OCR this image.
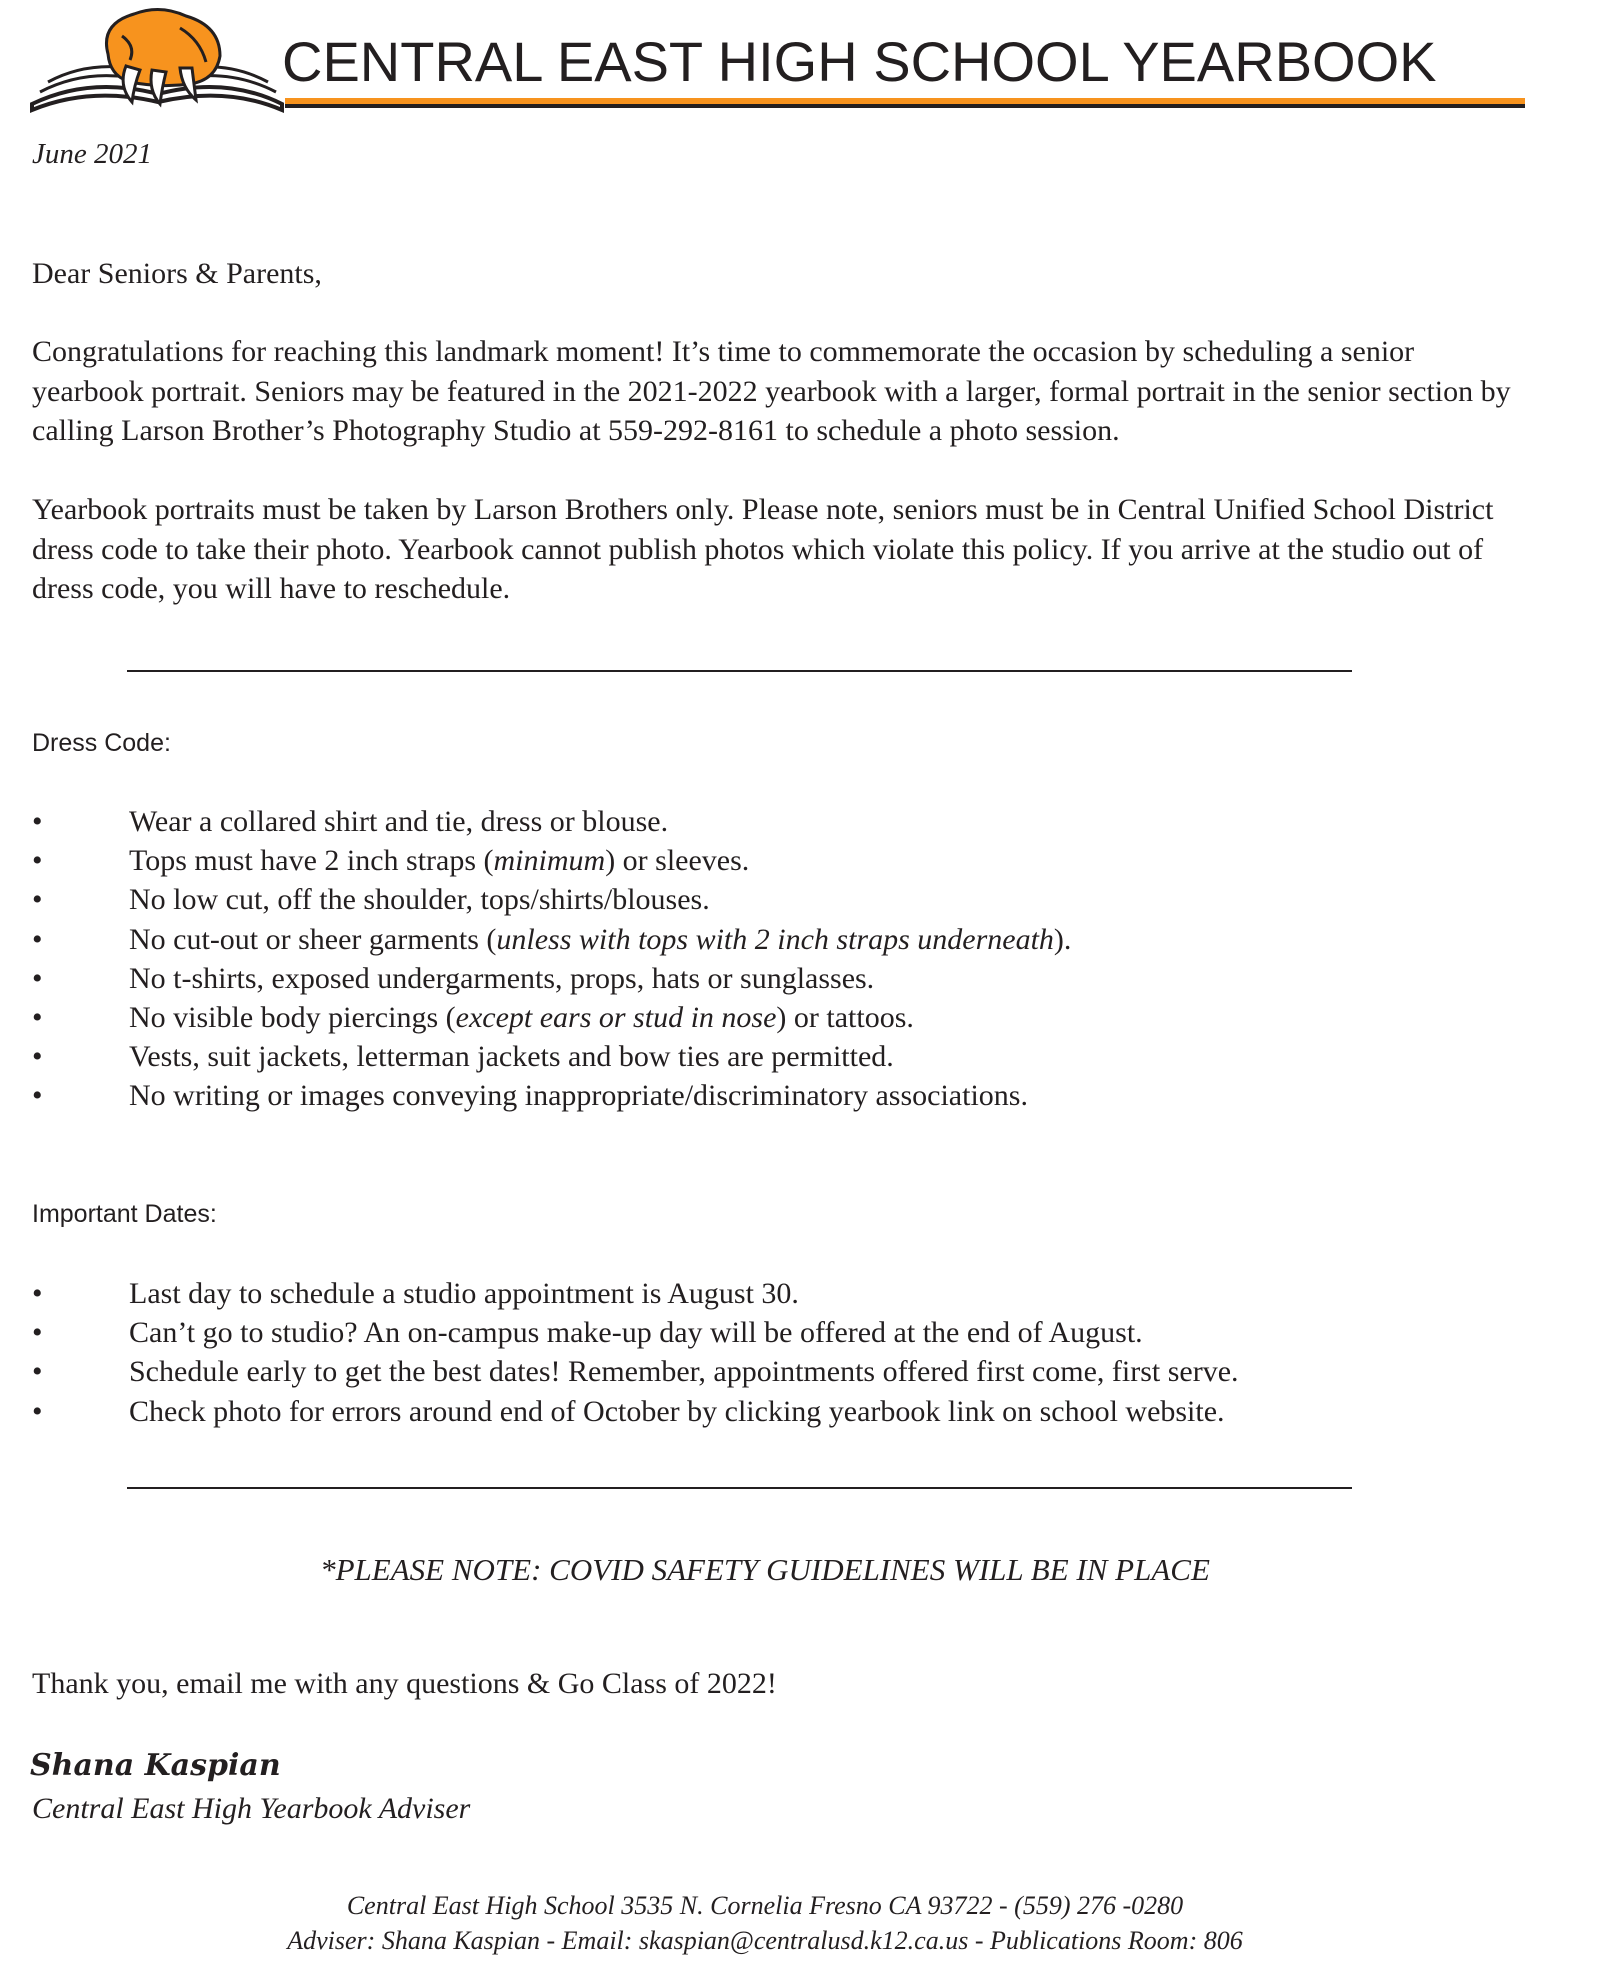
CENTRAL EAST HIGH SCHOOL YEARBOOK
June 2021

Dear Seniors & Parents,

Congratulations for reaching this landmark moment! It’s time to commemorate the occasion by scheduling a senior yearbook portrait. Seniors may be featured in the 2021-2022 yearbook with a larger, formal portrait in the senior section by calling Larson Brother’s Photography Studio at 559-292-8161 to schedule a photo session.

Yearbook portraits must be taken by Larson Brothers only. Please note, seniors must be in Central Unified School District dress code to take their photo. Yearbook cannot publish photos which violate this policy. If you arrive at the studio out of dress code, you will have to reschedule.

Dress Code:
•	Wear a collared shirt and tie, dress or blouse.
•	Tops must have 2 inch straps (minimum) or sleeves.
•	No low cut, off the shoulder, tops/shirts/blouses.
•	No cut-out or sheer garments (unless with tops with 2 inch straps underneath).
•	No t-shirts, exposed undergarments, props, hats or sunglasses.
•	No visible body piercings (except ears or stud in nose) or tattoos.
•	Vests, suit jackets, letterman jackets and bow ties are permitted.
•	No writing or images conveying inappropriate/discriminatory associations.
Important Dates:
•	Last day to schedule a studio appointment is August 30.
•	Can’t go to studio? An on-campus make-up day will be offered at the end of August.
•	Schedule early to get the best dates! Remember, appointments offered first come, first serve.
•	Check photo for errors around end of October by clicking yearbook link on school website.
*PLEASE NOTE: COVID SAFETY GUIDELINES WILL BE IN PLACE
Thank you, email me with any questions & Go Class of 2022!
Shana Kaspian
Central East High Yearbook Adviser
Central East High School 3535 N. Cornelia Fresno CA 93722 - (559) 276 -0280
Adviser: Shana Kaspian - Email: skaspian@centralusd.k12.ca.us - Publications Room: 806
